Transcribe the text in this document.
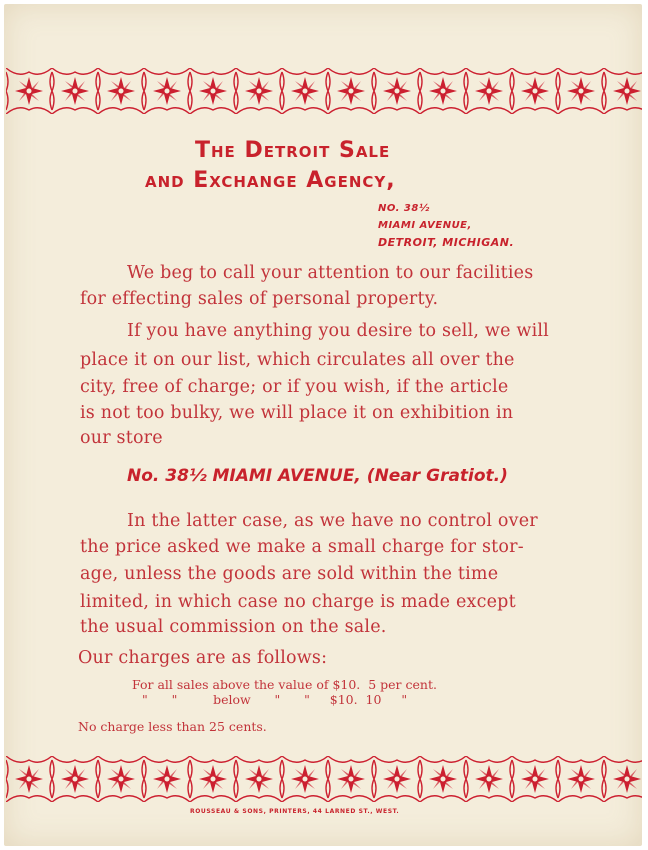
The Detroit Sale
and Exchange Agency,
NO. 38½
MIAMI AVENUE,
DETROIT, MICHIGAN.
We beg to call your attention to our facilities
for effecting sales of personal property.
If you have anything you desire to sell, we will
place it on our list, which circulates all over the
city, free of charge; or if you wish, if the article
is not too bulky, we will place it on exhibition in
our store
No. 38½ MIAMI AVENUE, (Near Gratiot.)
In the latter case, as we have no control over
the price asked we make a small charge for stor-
age, unless the goods are sold within the time
limited, in which case no charge is made except
the usual commission on the sale.
Our charges are as follows:
For all sales above the value of $10.  5 per cent.
"      "         below      "      "     $10.  10     "
No charge less than 25 cents.
ROUSSEAU & SONS, PRINTERS, 44 LARNED ST., WEST.
